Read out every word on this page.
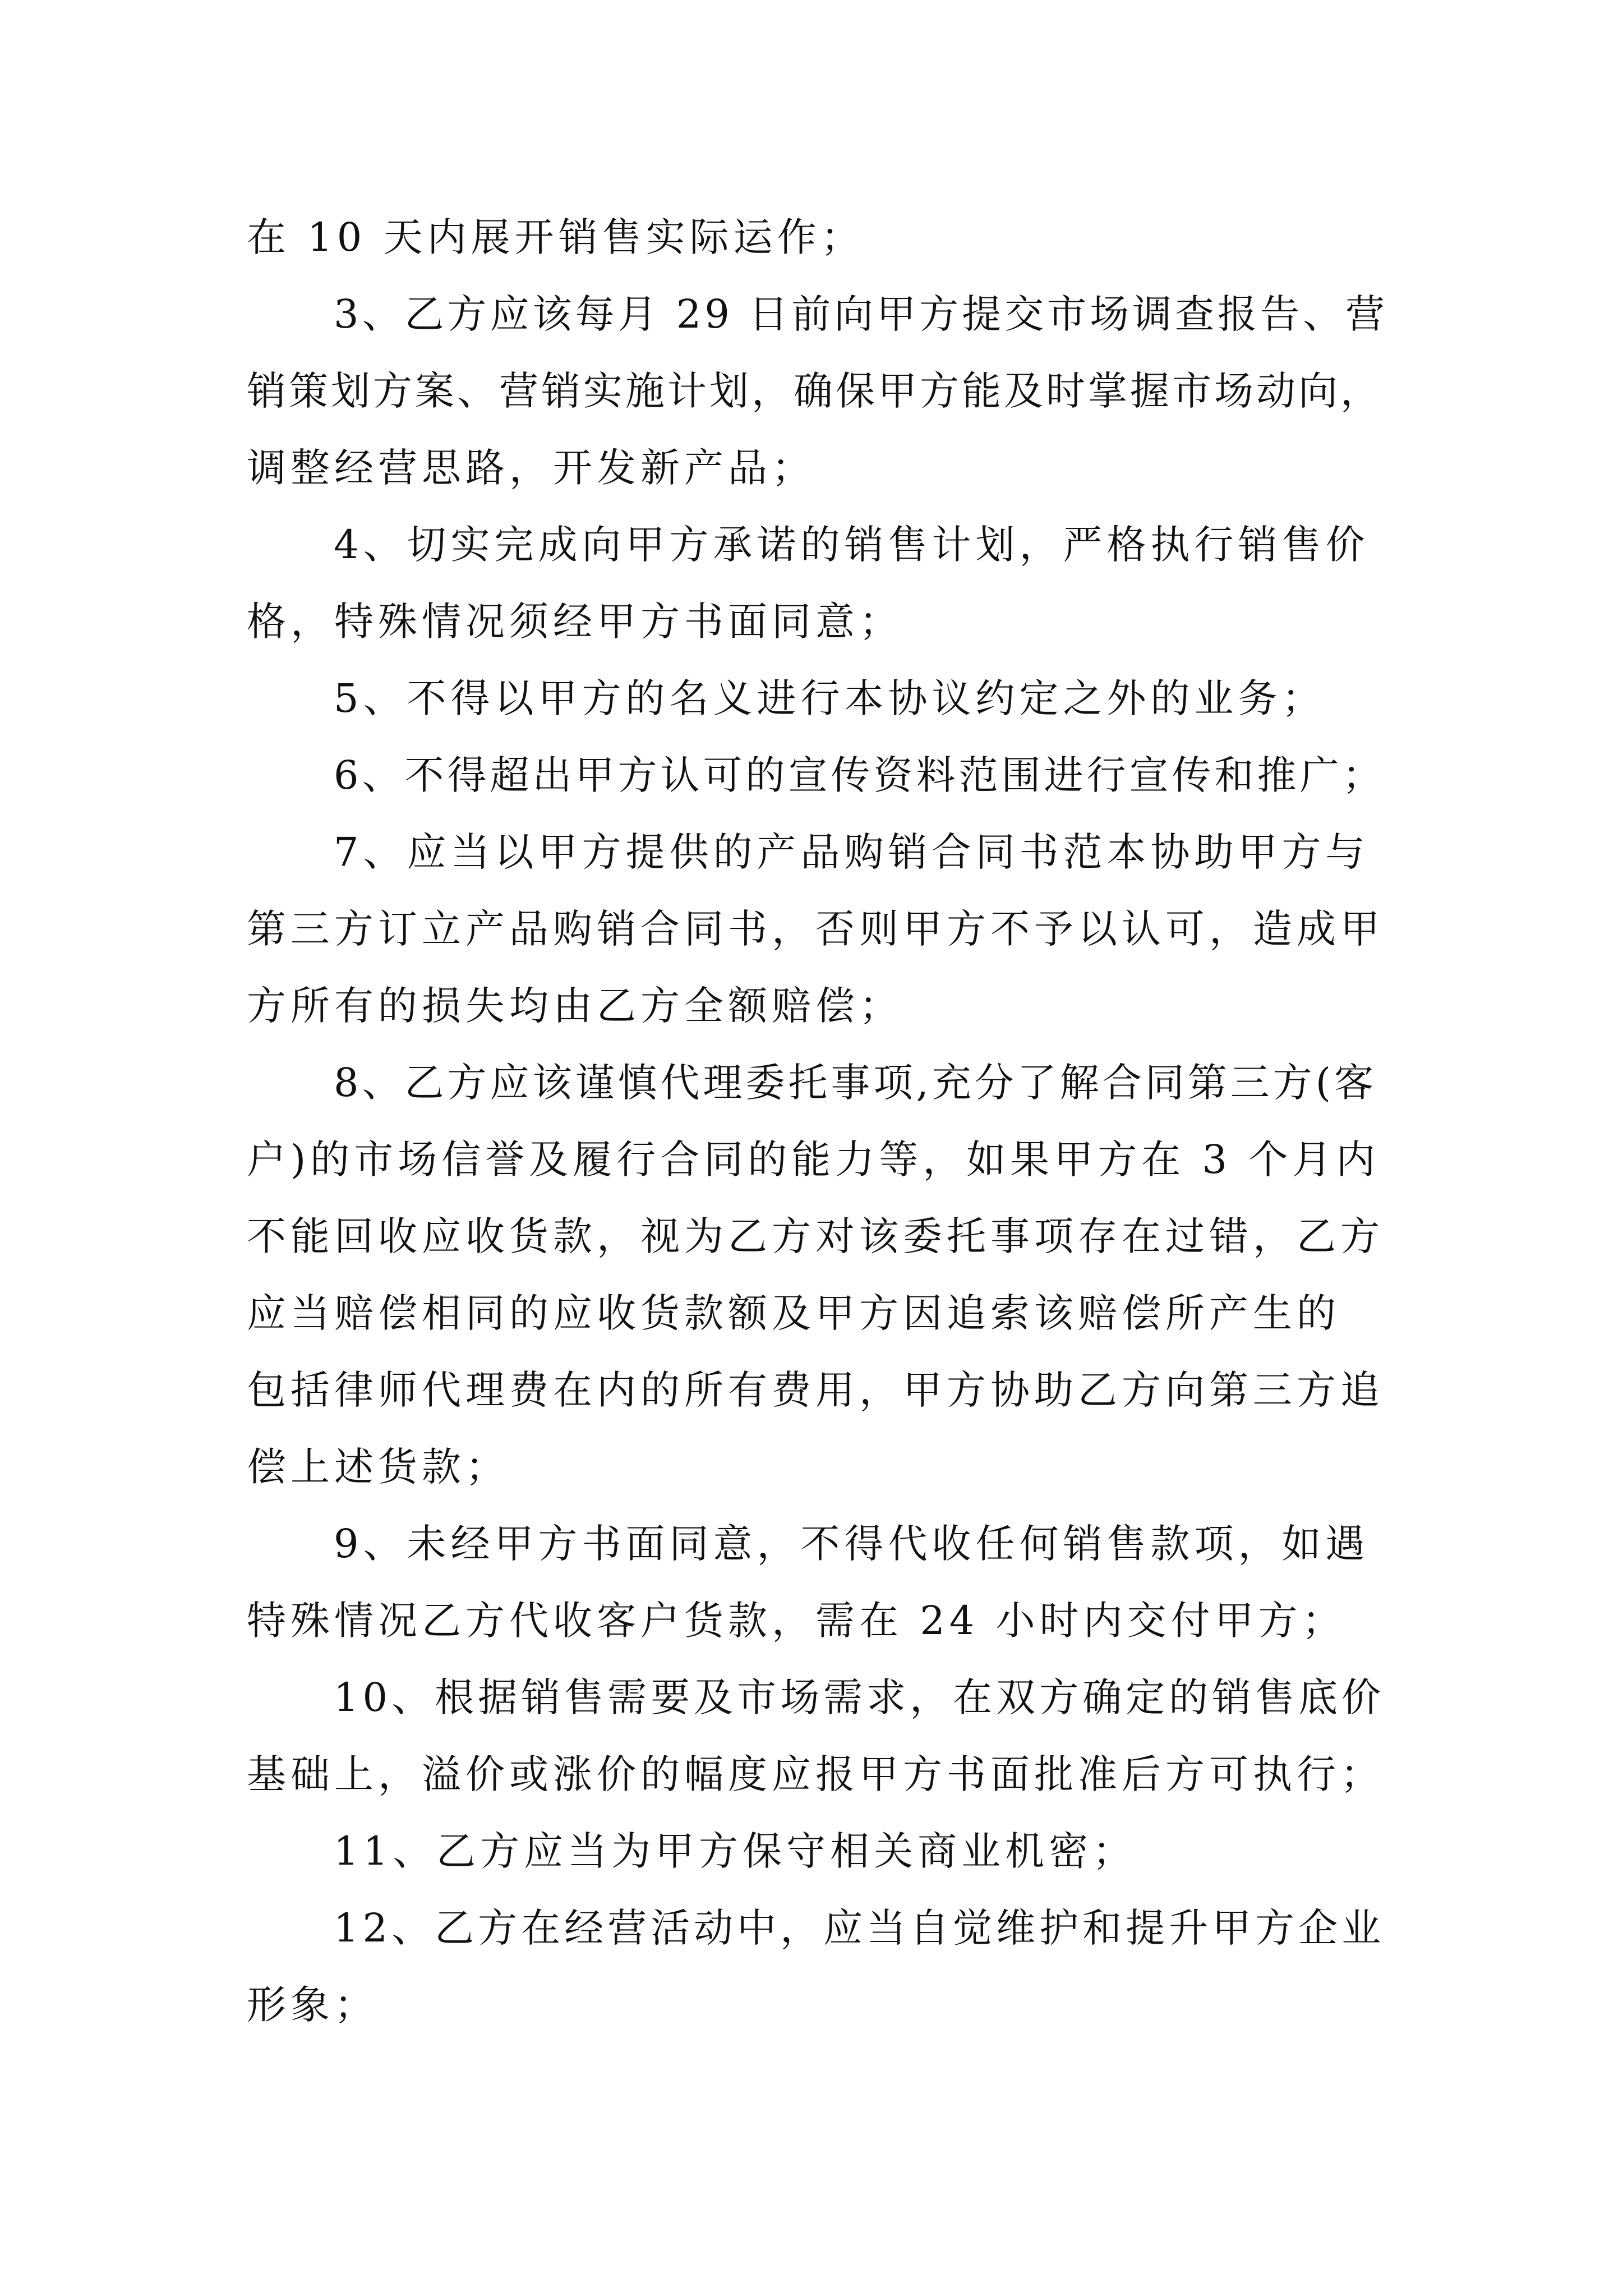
在 10 天内展开销售实际运作；
3、乙方应该每月 29 日前向甲方提交市场调查报告、营
销策划方案、营销实施计划，确保甲方能及时掌握市场动向，
调整经营思路，开发新产品；
4、切实完成向甲方承诺的销售计划，严格执行销售价
格，特殊情况须经甲方书面同意；
5、不得以甲方的名义进行本协议约定之外的业务；
6、不得超出甲方认可的宣传资料范围进行宣传和推广；
7、应当以甲方提供的产品购销合同书范本协助甲方与
第三方订立产品购销合同书，否则甲方不予以认可，造成甲
方所有的损失均由乙方全额赔偿；
8、乙方应该谨慎代理委托事项,充分了解合同第三方(客
户)的市场信誉及履行合同的能力等，如果甲方在 3 个月内
不能回收应收货款，视为乙方对该委托事项存在过错，乙方
应当赔偿相同的应收货款额及甲方因追索该赔偿所产生的
包括律师代理费在内的所有费用，甲方协助乙方向第三方追
偿上述货款；
9、未经甲方书面同意，不得代收任何销售款项，如遇
特殊情况乙方代收客户货款，需在 24 小时内交付甲方；
10、根据销售需要及市场需求，在双方确定的销售底价
基础上，溢价或涨价的幅度应报甲方书面批准后方可执行；
11、乙方应当为甲方保守相关商业机密；
12、乙方在经营活动中，应当自觉维护和提升甲方企业
形象；
